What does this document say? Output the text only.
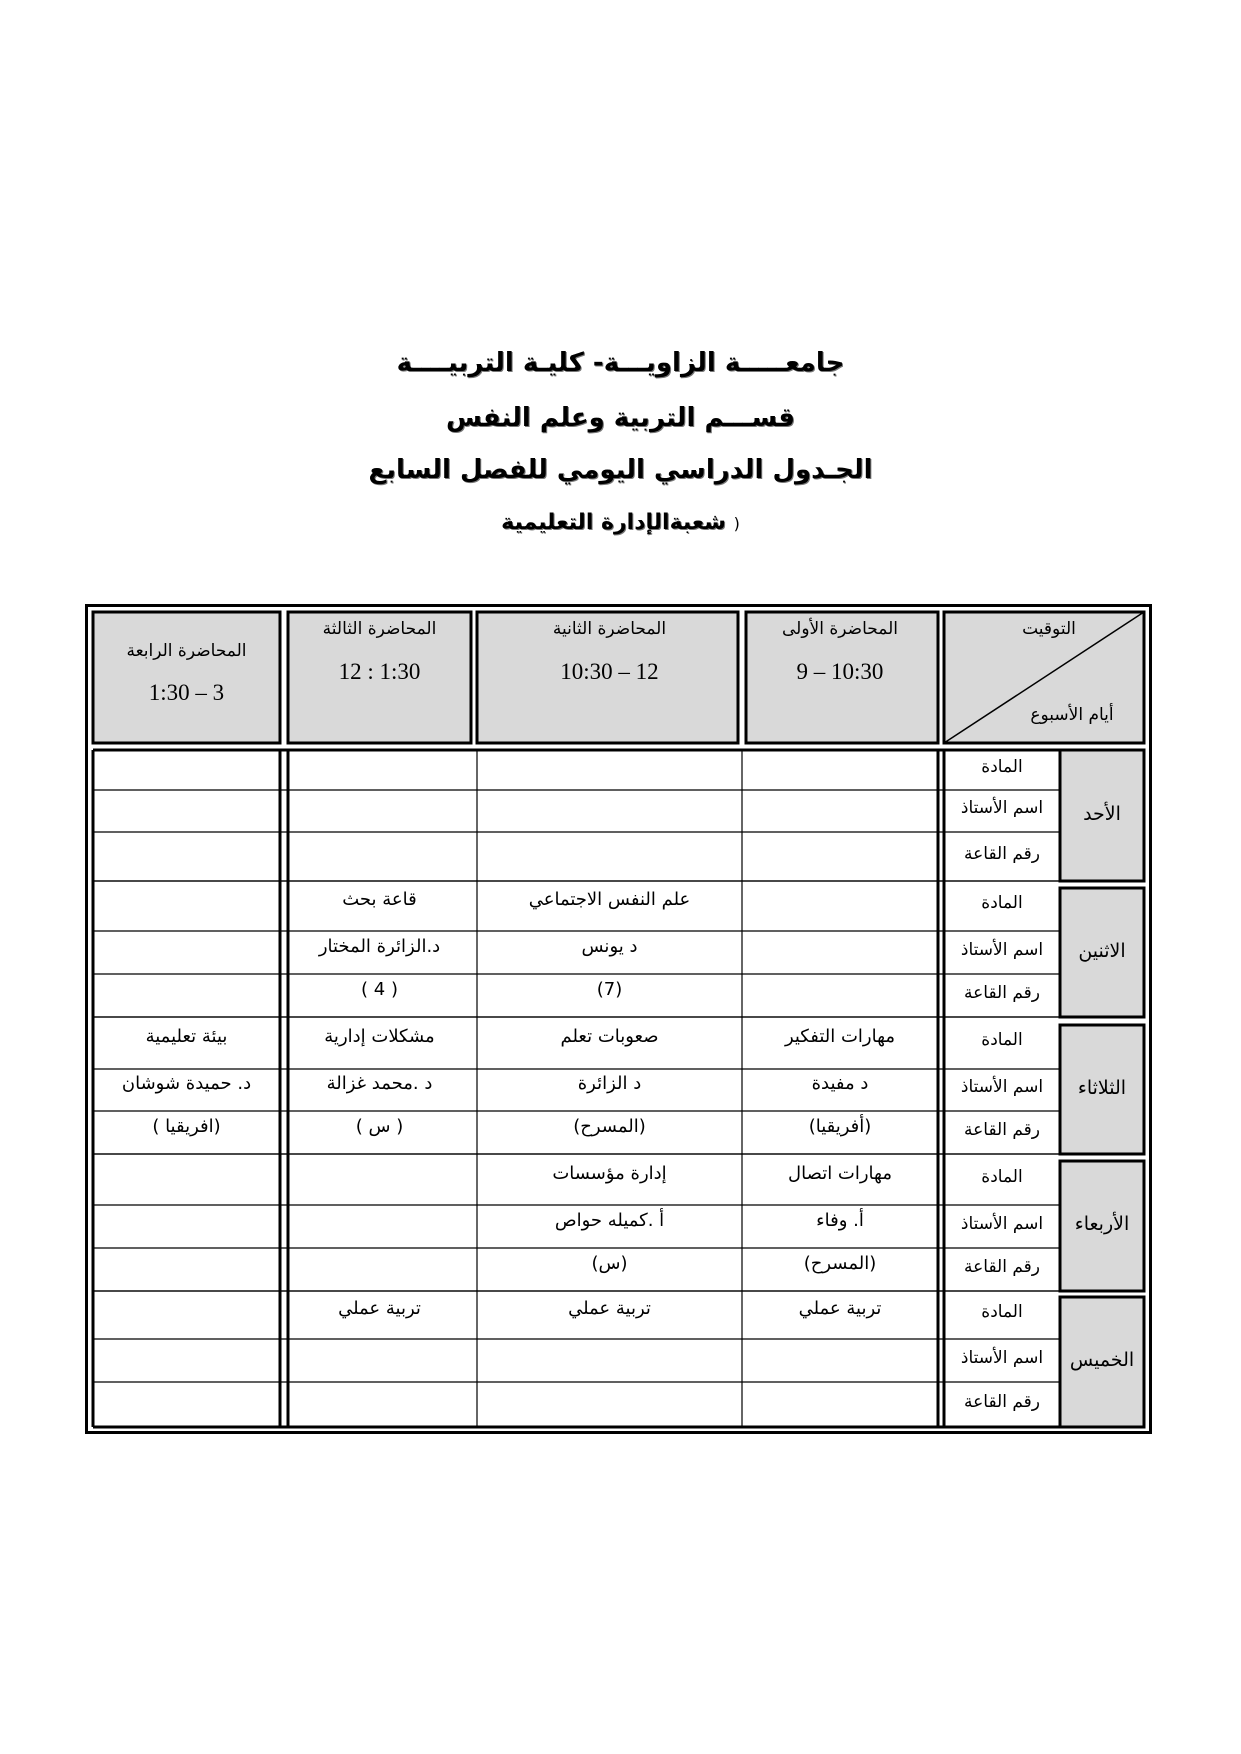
جامعـــــة الزاويـــة- كليـة التربيــــة
قســـم التربية وعلم النفس
الجـدول الدراسي اليومي للفصل السابع
( شعبةالإدارة التعليمية
التوقيت
أيام الأسبوع
المحاضرة الرابعة
1:30 – 3
المحاضرة الثالثة
12 : 1:30
المحاضرة الثانية
10:30 – 12
المحاضرة الأولى
9 – 10:30
الأحد
المادة
اسم الأستاذ
رقم القاعة
الاثنين
المادة
علم النفس الاجتماعي
قاعة بحث
اسم الأستاذ
د يونس
د.الزائرة المختار
رقم القاعة
(7)
( 4 )
الثلاثاء
المادة
مهارات التفكير
صعوبات تعلم
مشكلات إدارية
بيئة تعليمية
اسم الأستاذ
د مفيدة
د الزائرة
د .محمد غزالة
د. حميدة شوشان
رقم القاعة
(أفريقيا)
(المسرح)
( س )
(افريقيا )
الأربعاء
المادة
مهارات اتصال
إدارة مؤسسات
اسم الأستاذ
أ. وفاء
أ .كميله حواص
رقم القاعة
(المسرح)
(س)
الخميس
المادة
تربية عملي
تربية عملي
تربية عملي
اسم الأستاذ
رقم القاعة
